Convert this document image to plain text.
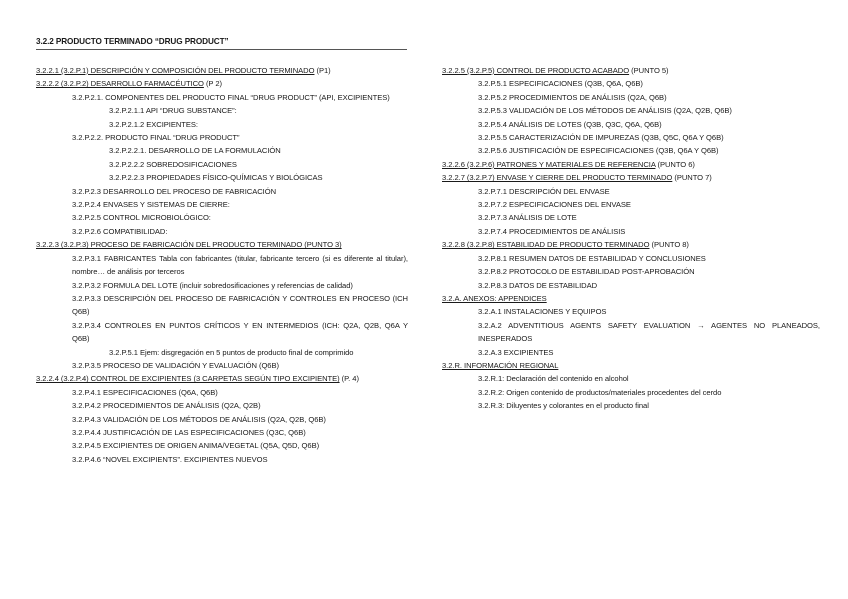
3.2.2 PRODUCTO TERMINADO “DRUG PRODUCT”
3.2.2.1 (3.2.P.1) DESCRIPCIÓN Y COMPOSICIÓN DEL PRODUCTO TERMINADO (P1)
3.2.2.2 (3.2.P.2) DESARROLLO FARMACÉUTICO (P 2)
3.2.P.2.1. COMPONENTES DEL PRODUCTO FINAL “DRUG PRODUCT” (API, EXCIPIENTES)
3.2.P.2.1.1 API “DRUG SUBSTANCE”:
3.2.P.2.1.2 EXCIPIENTES:
3.2.P.2.2. PRODUCTO FINAL “DRUG PRODUCT”
3.2.P.2.2.1. DESARROLLO DE LA FORMULACIÓN
3.2.P.2.2.2 SOBREDOSIFICACIONES
3.2.P.2.2.3 PROPIEDADES FÍSICO-QUÍMICAS Y BIOLÓGICAS
3.2.P.2.3 DESARROLLO DEL PROCESO DE FABRICACIÓN
3.2.P.2.4 ENVASES Y SISTEMAS DE CIERRE:
3.2.P.2.5 CONTROL MICROBIOLÓGICO:
3.2.P.2.6 COMPATIBILIDAD:
3.2.2.3 (3.2.P.3) PROCESO DE FABRICACIÓN DEL PRODUCTO TERMINADO (PUNTO 3)
3.2.P.3.1 FABRICANTES Tabla con fabricantes (titular, fabricante tercero (si es diferente al titular), nombre… de análisis por terceros
3.2.P.3.2 FORMULA DEL LOTE (incluir sobredosificaciones y referencias de calidad)
3.2.P.3.3 DESCRIPCIÓN DEL PROCESO DE FABRICACIÓN Y CONTROLES EN PROCESO (ICH Q6B)
3.2.P.3.4 CONTROLES EN PUNTOS CRÍTICOS Y EN INTERMEDIOS (ICH: Q2A, Q2B, Q6A Y Q6B)
3.2.P.5.1 Ejem: disgregación en 5 puntos de producto final de comprimido
3.2.P.3.5 PROCESO DE VALIDACIÓN Y EVALUACIÓN (Q6B)
3.2.2.4 (3.2.P.4) CONTROL DE EXCIPIENTES (3 CARPETAS SEGÚN TIPO EXCIPIENTE) (P. 4)
3.2.P.4.1 ESPECIFICACIONES (Q6A, Q6B)
3.2.P.4.2 PROCEDIMIENTOS DE ANÁLISIS (Q2A, Q2B)
3.2.P.4.3 VALIDACIÓN DE LOS MÉTODOS DE ANÁLISIS (Q2A, Q2B, Q6B)
3.2.P.4.4 JUSTIFICACIÓN DE LAS ESPECIFICACIONES (Q3C, Q6B)
3.2.P.4.5 EXCIPIENTES DE ORIGEN ANIMA/VEGETAL (Q5A, Q5D, Q6B)
3.2.P.4.6 “NOVEL EXCIPIENTS”. EXCIPIENTES NUEVOS
3.2.2.5 (3.2.P.5) CONTROL DE PRODUCTO ACABADO (PUNTO 5)
3.2.P.5.1 ESPECIFICACIONES (Q3B, Q6A, Q6B)
3.2.P.5.2 PROCEDIMIENTOS DE ANÁLISIS (Q2A, Q6B)
3.2.P.5.3 VALIDACIÓN DE LOS MÉTODOS DE ANÁLISIS (Q2A, Q2B, Q6B)
3.2.P.5.4 ANÁLISIS DE LOTES (Q3B, Q3C, Q6A, Q6B)
3.2.P.5.5 CARACTERIZACIÓN DE IMPUREZAS (Q3B, Q5C, Q6A Y Q6B)
3.2.P.5.6 JUSTIFICACIÓN DE ESPECIFICACIONES (Q3B, Q6A Y Q6B)
3.2.2.6 (3.2.P.6) PATRONES Y MATERIALES DE REFERENCIA (PUNTO 6)
3.2.2.7 (3.2.P.7) ENVASE Y CIERRE DEL PRODUCTO TERMINADO (PUNTO 7)
3.2.P.7.1 DESCRIPCIÓN DEL ENVASE
3.2.P.7.2 ESPECIFICACIONES DEL ENVASE
3.2.P.7.3 ANÁLISIS DE LOTE
3.2.P.7.4 PROCEDIMIENTOS DE ANÁLISIS
3.2.2.8 (3.2.P.8) ESTABILIDAD DE PRODUCTO TERMINADO (PUNTO 8)
3.2.P.8.1 RESUMEN DATOS DE ESTABILIDAD Y CONCLUSIONES
3.2.P.8.2 PROTOCOLO DE ESTABILIDAD POST-APROBACIÓN
3.2.P.8.3 DATOS DE ESTABILIDAD
3.2.A. ANEXOS: APPENDICES
3.2.A.1 INSTALACIONES Y EQUIPOS
3.2.A.2 ADVENTITIOUS AGENTS SAFETY EVALUATION → AGENTES NO PLANEADOS, INESPERADOS
3.2.A.3 EXCIPIENTES
3.2.R. INFORMACIÓN REGIONAL
3.2.R.1: Declaración del contenido en alcohol
3.2.R.2: Origen contenido de productos/materiales procedentes del cerdo
3.2.R.3: Diluyentes y colorantes en el producto final
